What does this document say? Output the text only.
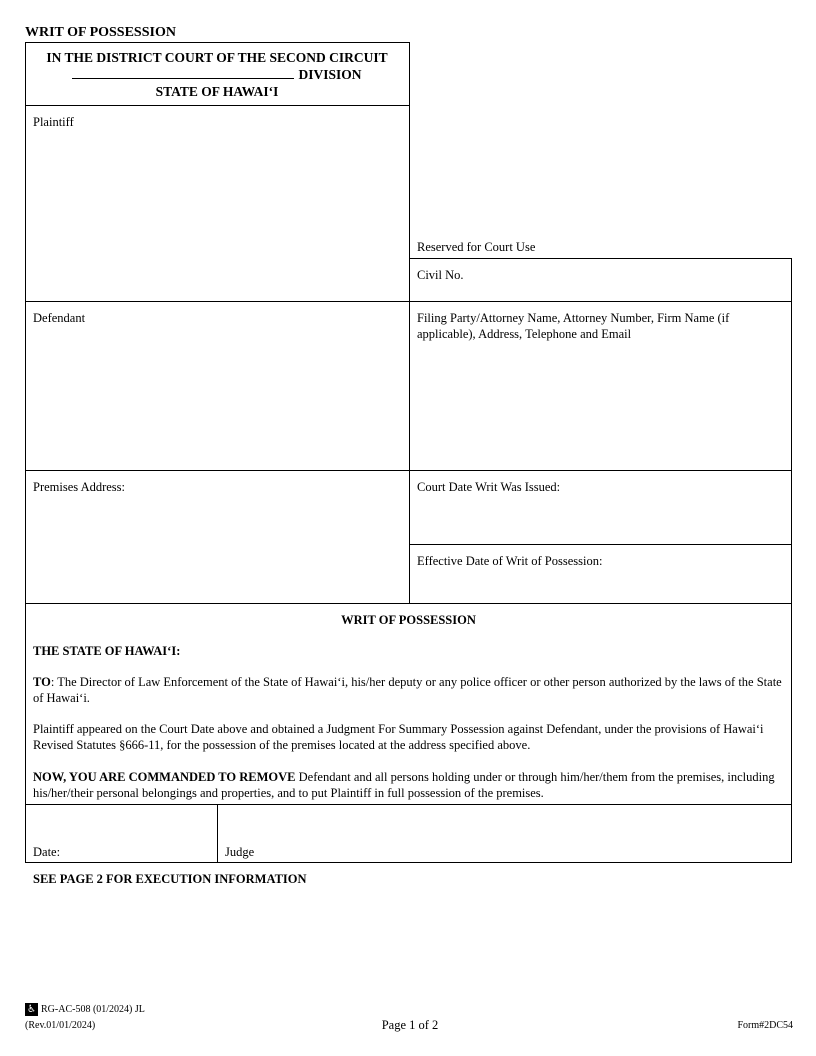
WRIT OF POSSESSION
IN THE DISTRICT COURT OF THE SECOND CIRCUIT
DIVISION
STATE OF HAWAI‘I
Plaintiff
Reserved for Court Use
Civil No.
Defendant	Filing Party/Attorney Name, Attorney Number, Firm Name (if applicable), Address, Telephone and Email
Premises Address:	Court Date Writ Was Issued:
Effective Date of Writ of Possession:
WRIT OF POSSESSION
THE STATE OF HAWAI‘I:
TO: The Director of Law Enforcement of the State of Hawai‘i, his/her deputy or any police officer or other person authorized by the laws of the State of Hawai‘i.
Plaintiff appeared on the Court Date above and obtained a Judgment For Summary Possession against Defendant, under the provisions of Hawai‘i Revised Statutes §666-11, for the possession of the premises located at the address specified above.
NOW, YOU ARE COMMANDED TO REMOVE Defendant and all persons holding under or through him/her/them from the premises, including his/her/their personal belongings and properties, and to put Plaintiff in full possession of the premises.
Date:	Judge
SEE PAGE 2 FOR EXECUTION INFORMATION
♿ RG-AC-508 (01/2024) JL
(Rev.01/01/2024)	Page 1 of 2	Form#2DC54
